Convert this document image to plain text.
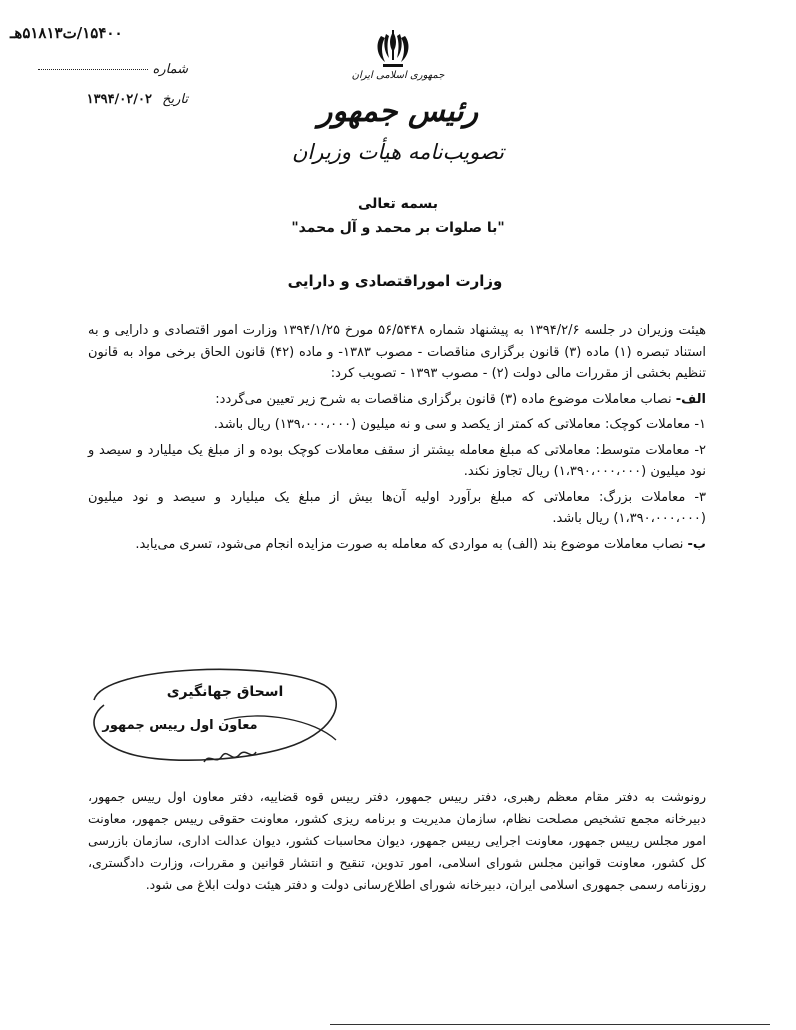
۱۵۴۰۰/ت۵۱۸۱۳هـ
شماره
تاریخ ۱۳۹۴/۰۲/۰۲
جمهوری اسلامی ایران
رئیس جمهور
تصویب‌نامه هیأت وزیران
بسمه تعالی
"با صلوات بر محمد و آل محمد"
وزارت اموراقتصادی و دارایی

هیئت وزیران در جلسه ۱۳۹۴/۲/۶ به پیشنهاد شماره ۵۶/۵۴۴۸ مورخ ۱۳۹۴/۱/۲۵ وزارت امور اقتصادی و دارایی و به استناد تبصره (۱) ماده (۳) قانون برگزاری مناقصات - مصوب ۱۳۸۳- و ماده (۴۲) قانون الحاق برخی مواد به قانون تنظیم بخشی از مقررات مالی دولت (۲) - مصوب ۱۳۹۳ - تصویب کرد:

الف- نصاب معاملات موضوع ماده (۳) قانون برگزاری مناقصات به شرح زیر تعیین می‌گردد:

۱- معاملات کوچک: معاملاتی که کمتر از یکصد و سی و نه میلیون (۱۳۹،۰۰۰،۰۰۰) ریال باشد.

۲- معاملات متوسط: معاملاتی که مبلغ معامله بیشتر از سقف معاملات کوچک بوده و از مبلغ یک میلیارد و سیصد و نود میلیون (۱،۳۹۰،۰۰۰،۰۰۰) ریال تجاوز نکند.

۳- معاملات بزرگ: معاملاتی که مبلغ برآورد اولیه آن‌ها بیش از مبلغ یک میلیارد و سیصد و نود میلیون (۱،۳۹۰،۰۰۰،۰۰۰) ریال باشد.

ب- نصاب معاملات موضوع بند (الف) به مواردی که معامله به صورت مزایده انجام می‌شود، تسری می‌یابد.

اسحاق جهانگیری
معاون اول رییس جمهور
رونوشت به دفتر مقام معظم رهبری، دفتر رییس جمهور، دفتر رییس قوه قضاییه، دفتر معاون اول رییس جمهور، دبیرخانه مجمع تشخیص مصلحت نظام، سازمان مدیریت و برنامه ریزی کشور، معاونت حقوقی رییس جمهور، معاونت امور مجلس رییس جمهور، معاونت اجرایی رییس جمهور، دیوان محاسبات کشور، دیوان عدالت اداری، سازمان بازرسی کل کشور، معاونت قوانین مجلس شورای اسلامی، امور تدوین، تنقیح و انتشار قوانین و مقررات، وزارت دادگستری، روزنامه رسمی جمهوری اسلامی ایران، دبیرخانه شورای اطلاع‌رسانی دولت و دفتر هیئت دولت ابلاغ می شود.
